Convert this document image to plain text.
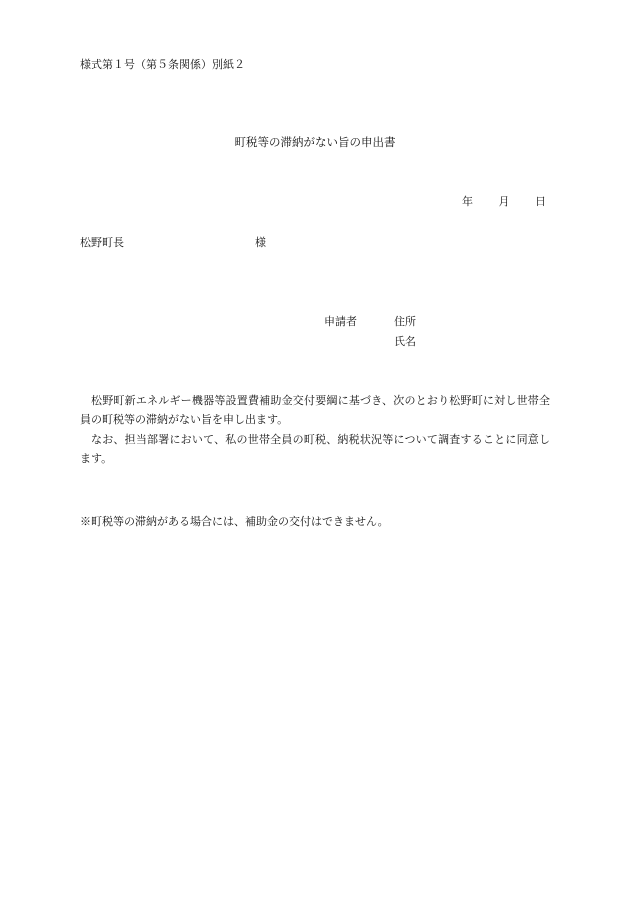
様式第１号（第５条関係）別紙２
町税等の滞納がない旨の申出書
年 月 日
松野町長	様
申請者	住所
氏名

松野町新エネルギー機器等設置費補助金交付要綱に基づき、次のとおり松野町に対し世帯全員の町税等の滞納がない旨を申し出ます。

なお、担当部署において、私の世帯全員の町税、納税状況等について調査することに同意します。

※町税等の滞納がある場合には、補助金の交付はできません。
